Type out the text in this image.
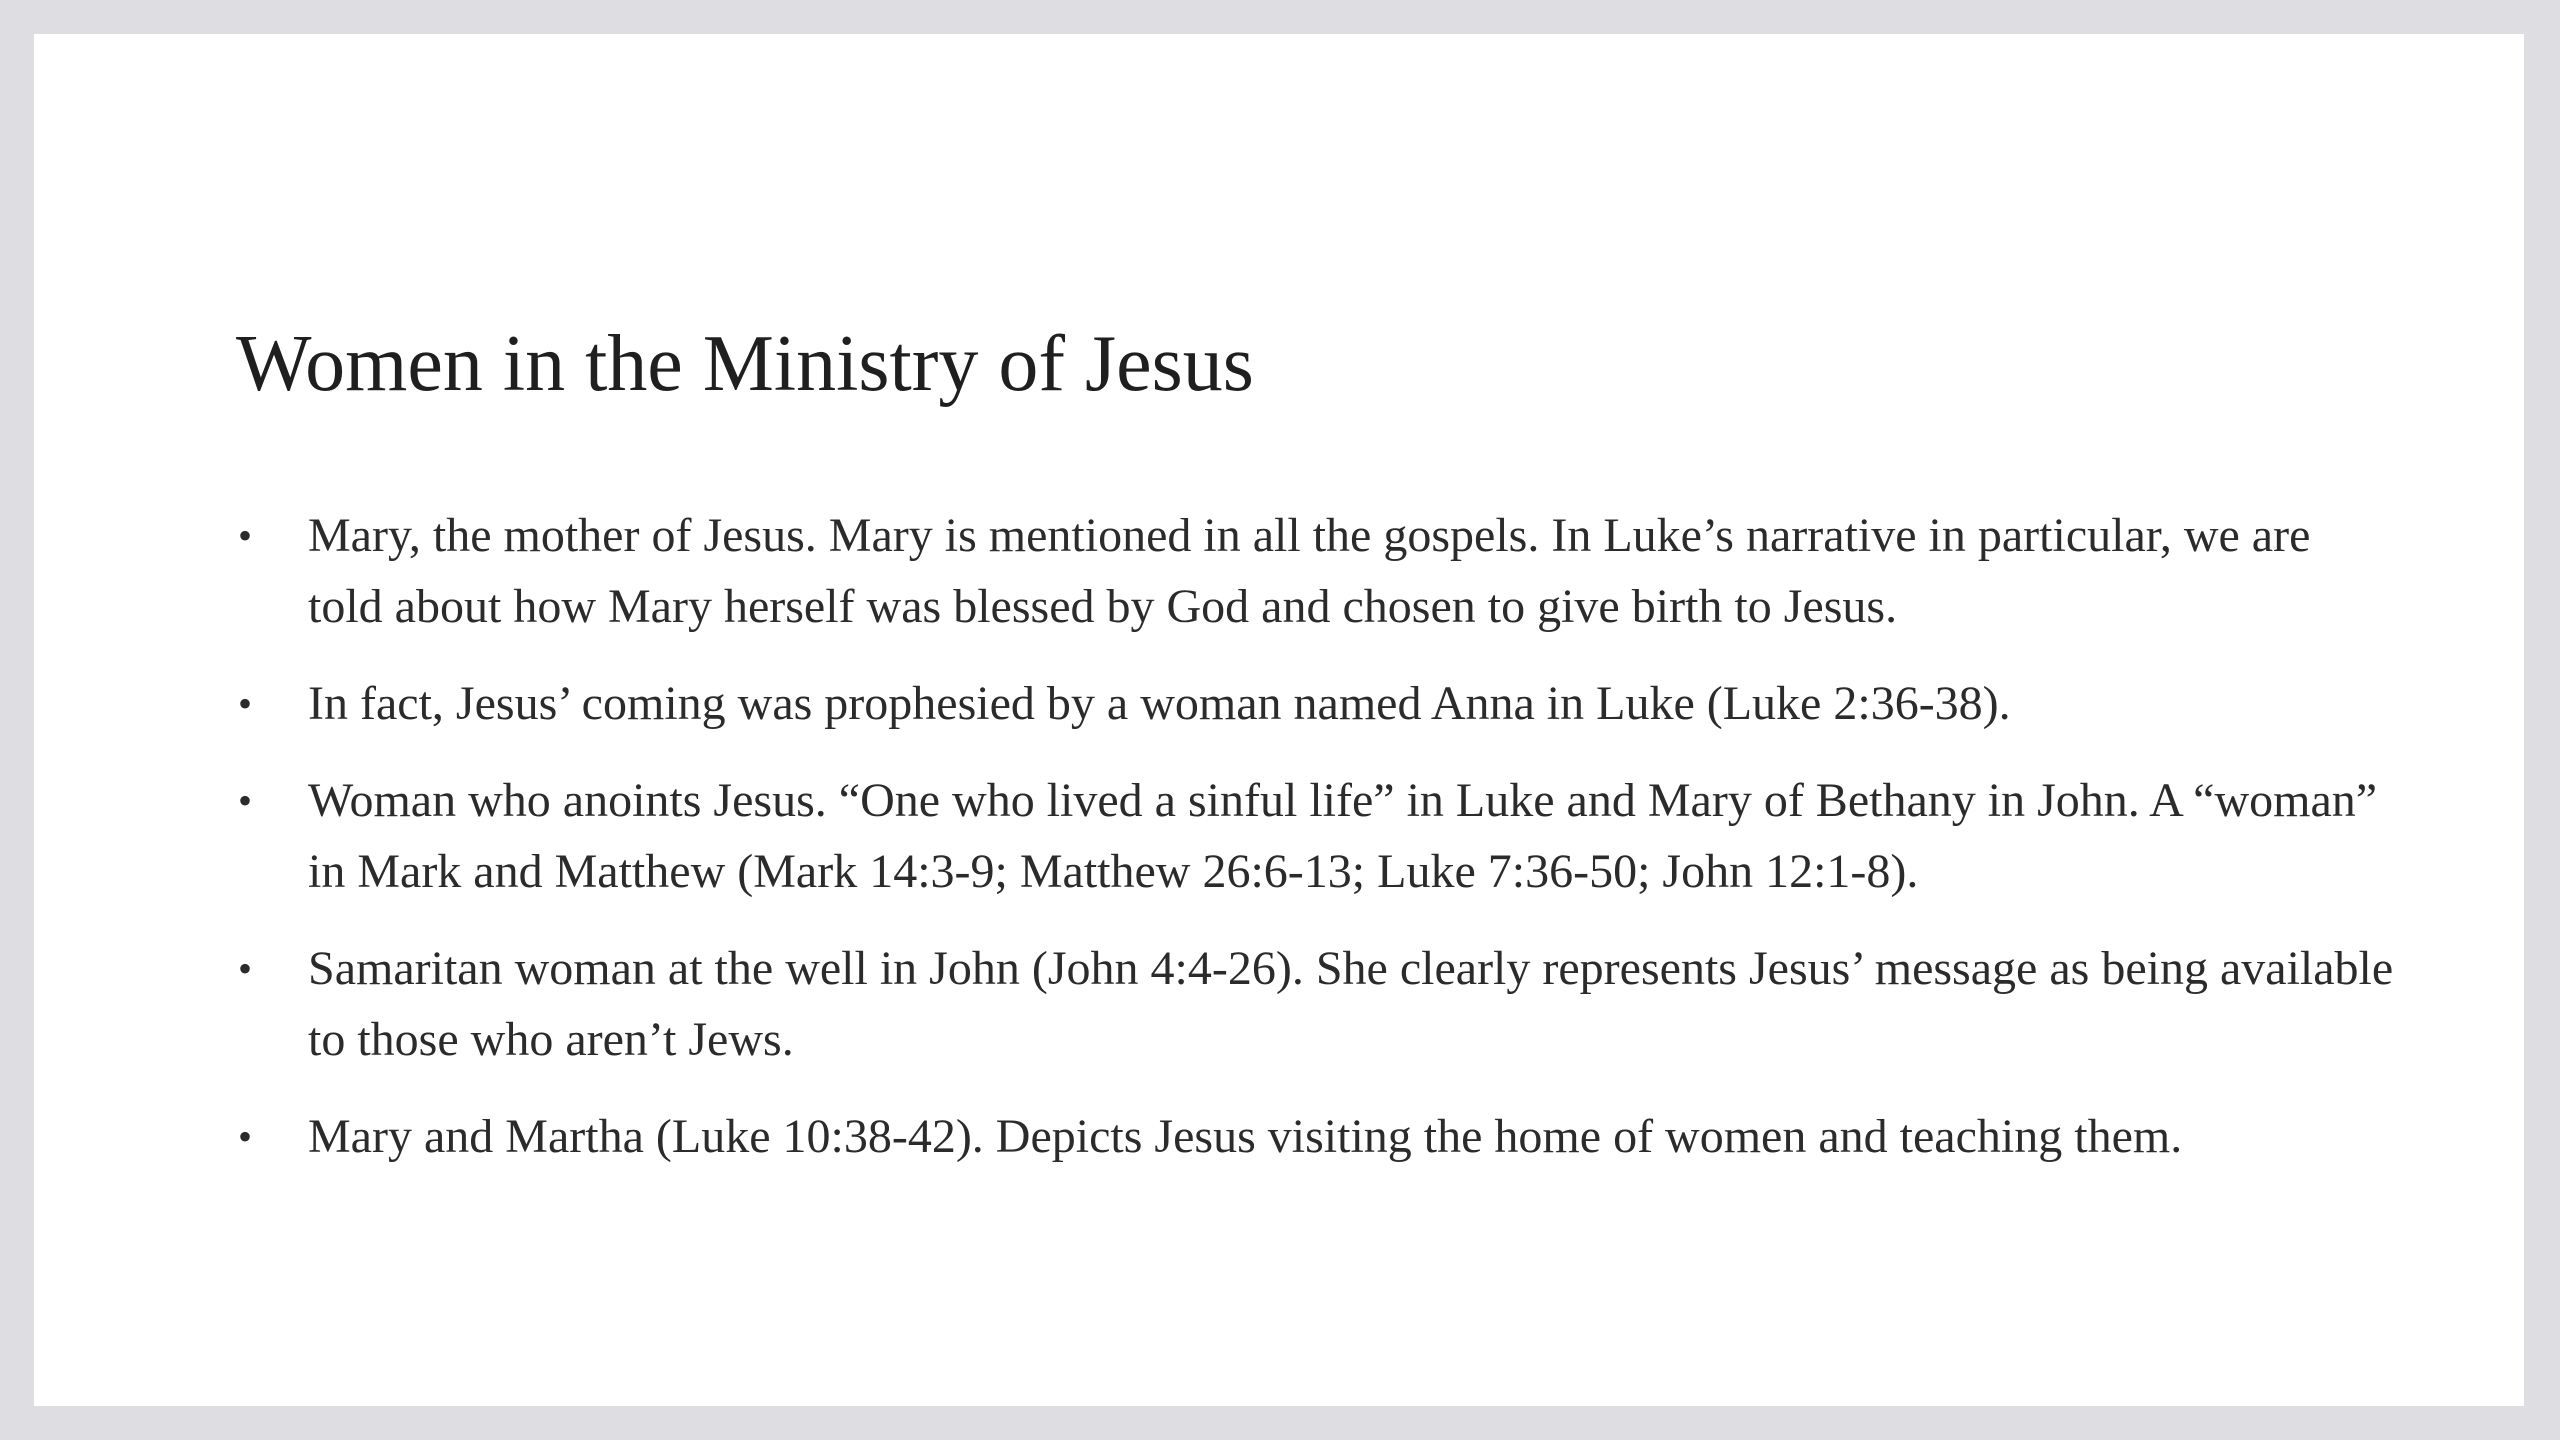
Women in the Ministry of Jesus
•	Mary, the mother of Jesus. Mary is mentioned in all the gospels. In Luke’s narrative in particular, we are told about how Mary herself was blessed by God and chosen to give birth to Jesus.
•	In fact, Jesus’ coming was prophesied by a woman named Anna in Luke (Luke 2:36-38).
•	Woman who anoints Jesus. “One who lived a sinful life” in Luke and Mary of Bethany in John. A “woman” in Mark and Matthew (Mark 14:3-9; Matthew 26:6-13; Luke 7:36-50; John 12:1-8).
•	Samaritan woman at the well in John (John 4:4-26). She clearly represents Jesus’ message as being available to those who aren’t Jews.
•	Mary and Martha (Luke 10:38-42). Depicts Jesus visiting the home of women and teaching them.
